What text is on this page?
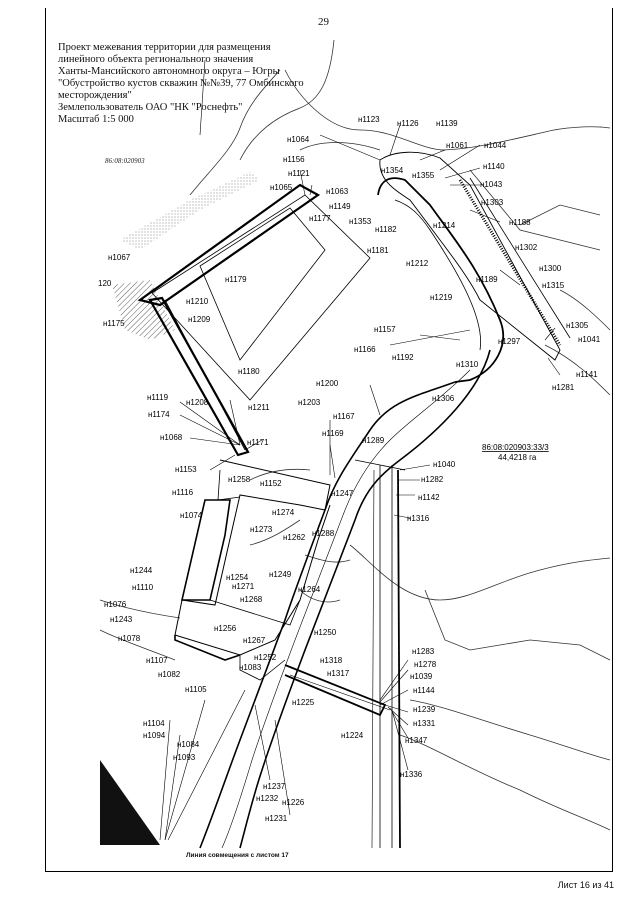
29
Проект межевания территории для размещения
линейного объекта регионального значения
Ханты-Мансийского автономного округа – Югры
"Обустройство кустов скважин №№39, 77 Омбинского
месторождения"
Землепользователь ОАО "НК "Роснефть"
Масштаб 1:5 000
86:08:020903
86:08:020903:33/3
44,4218 га
н1123 н1126 н1139
н1064
н1061 н1044
н1156
н1354
н1355
н1140
н1121
н1043
н1065	н1063
н1303
н1149
н1177 н1353	н1214	н1188
н1182
н1181	н1302
н1067
н1212
н1300
н1179	н1189
н1315
120
н1219
н1210
н1175	н1209
н1157	н1305
н1297	н1041
н1166
н1192
н1310
н1180	н1141
н1281
н1200
н1306
н1119
н1208	н1203
н1211
н1174	н1167
н1169
н1068	н1289
н1171
н1040
н1153
н1258 н1152	н1282
н1116	н1247	н1142
н1274
н1074	н1316
н1273
н1262 н1288
н1244
н1254	н1249
н1271
н1110	н1264
н1268
н1076
н1243
н1256	н1250
н1078	н1267
н1283
н1252
н1278
н1107	н1318
н1083
н1039
н1082	н1317
н1144
н1105
н1225
н1239
н1331
н1104
н1094	н1224
н1347
н1084
н1093
н1336
н1237
н1232 н1226
н1231
Линия совмещения с листом 17
Лист 16 из 41
